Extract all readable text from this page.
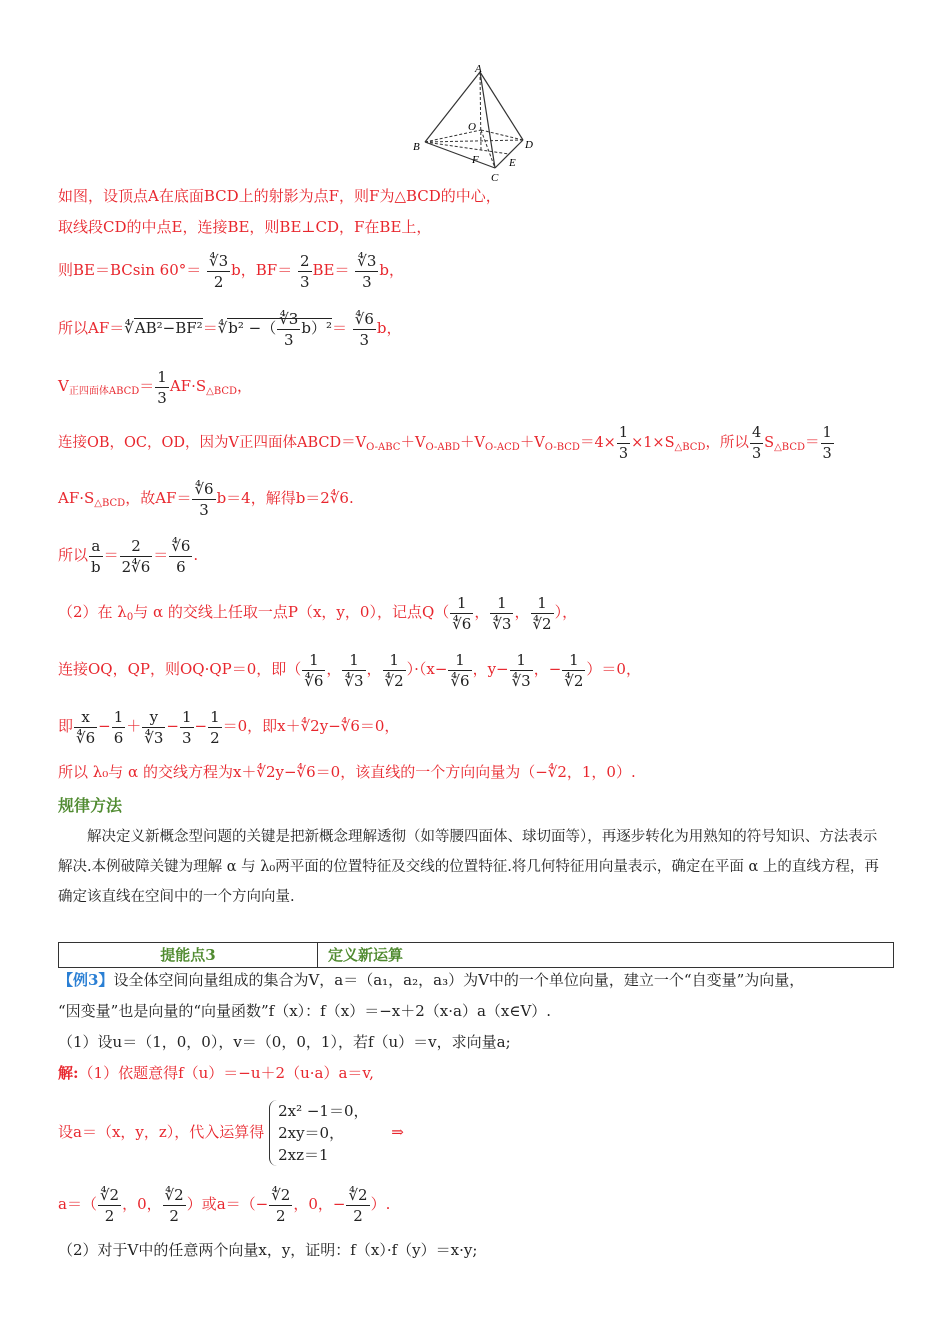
A
B
C
D
E
F
O
如图，设顶点A在底面BCD上的射影为点F，则F为△BCD的中心，
取线段CD的中点E，连接BE，则BE⊥CD，F在BE上，
则BE＝BCsin $60^\circ= \frac{∜3}{2}$ b，$BF= \frac{2}{3} BE= \frac{∜3}{3}$ b，
所以AF＝∜AB²−BF²＝∜b² −（ $\frac{∜3}{3} b)^2= \frac{∜6}{3}$ b，
$V_{正四面体ABCD}= \frac{1}{3} AF\cdot S_{\triangle BCD}$，
连接OB，OC，OD，因为V正四面体$ABCD=V_{O-ABC}+V_{O-ABD}+V_{O-ACD}+V_{O-BCD}=4\times \frac{1}{3} \times 1\times S_{\triangle BCD}$，所以 $\frac{4}{3} S_{\triangle BCD}= \frac{1}{3}$
$AF\cdot S_{\triangle BCD}$，故$AF= \frac{∜6}{3} b=4$，解得b＝2∜6.
所以 $\frac{a}{b} = \frac{2}{2∜6} = \frac{∜6}{6}$ .
（2）在 $\lambda_0$与 α 的交线上任取一点P（x，y，0），记点$Q( \frac{1}{∜6}$ ， $\frac{1}{∜3}$ ， $\frac{1}{∜2}$ ），
连接OQ，QP，则OQ·QP＝0，即（ $\frac{1}{∜6}$ ， $\frac{1}{∜3}$ ， $\frac{1}{∜2} )\cdot(x- \frac{1}{∜6}$ ，$y- \frac{1}{∜3}$ ，− $\frac{1}{∜2} )=0$，
即 $\frac{x}{∜6} - \frac{1}{6} + \frac{y}{∜3} - \frac{1}{3} - \frac{1}{2} =0$，即x＋∜2y−∜6＝0，
所以 λ₀与 α 的交线方程为x＋∜2y−∜6＝0，该直线的一个方向向量为（−∜2，1，0）.
规律方法
解决定义新概念型问题的关键是把新概念理解透彻（如等腰四面体、球切面等），再逐步转化为用熟知的符号知识、方法表示解决.本例破障关键为理解 α 与 λ₀两平面的位置特征及交线的位置特征.将几何特征用向量表示，确定在平面 α 上的直线方程，再确定该直线在空间中的一个方向向量.
提能点3	定义新运算
【例3】设全体空间向量组成的集合为V，a＝（a₁，a₂，a₃）为V中的一个单位向量，建立一个“自变量”为向量，
“因变量”也是向量的“向量函数”f（x）：f（x）＝−x＋2（x·a）a（x∈V）.
（1）设u＝（1，0，0），v＝（0，0，1），若f（u）＝v，求向量a;
解:（1）依题意得f（u）＝−u＋2（u·a）a＝v,
设a＝（x，y，z），代入运算得
2x² −1＝0，
2xy＝0，
2xz＝1
⇒
$a=( \frac{∜2}{2}$ ，0， $\frac{∜2}{2}$ ）或$a=(- \frac{∜2}{2}$ ，0，− $\frac{∜2}{2}$ ）.
（2）对于V中的任意两个向量x，y，证明：f（x）·f（y）＝x·y;
